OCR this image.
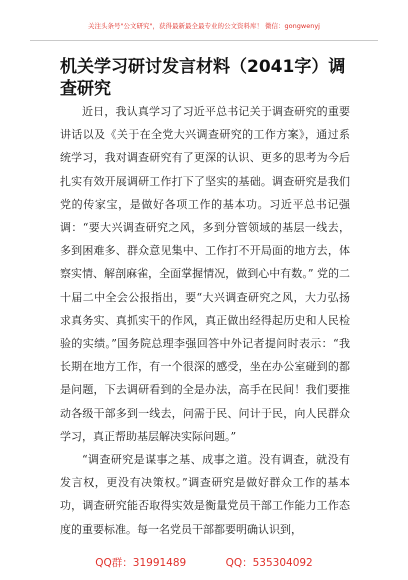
关注头条号"公文研究"，获得最新最全最专业的公文资料库！ 微信：gongwenyj
机关学习研讨发言材料（2041字）调查研究

近日，我认真学习了习近平总书记关于调查研究的重要讲话以及《关于在全党大兴调查研究的工作方案》，通过系统学习，我对调查研究有了更深的认识、更多的思考为今后扎实有效开展调研工作打下了坚实的基础。调查研究是我们党的传家宝，是做好各项工作的基本功。习近平总书记强调：“要大兴调查研究之风，多到分管领域的基层一线去，多到困难多、群众意见集中、工作打不开局面的地方去，体察实情、解剖麻雀，全面掌握情况，做到心中有数。” 党的二十届二中全会公报指出，要“大兴调查研究之风，大力弘扬求真务实、真抓实干的作风，真正做出经得起历史和人民检验的实绩。”国务院总理李强回答中外记者提问时表示：“我长期在地方工作，有一个很深的感受，坐在办公室碰到的都是问题，下去调研看到的全是办法，高手在民间！我们要推动各级干部多到一线去，问需于民、问计于民，向人民群众学习，真正帮助基层解决实际问题。”

“调查研究是谋事之基、成事之道。没有调查，就没有发言权，更没有决策权。”调查研究是做好群众工作的基本功，调查研究能否取得实效是衡量党员干部工作能力工作态度的重要标准。每一名党员干部都要明确认识到，

QQ群：31991489	QQ：535304092
